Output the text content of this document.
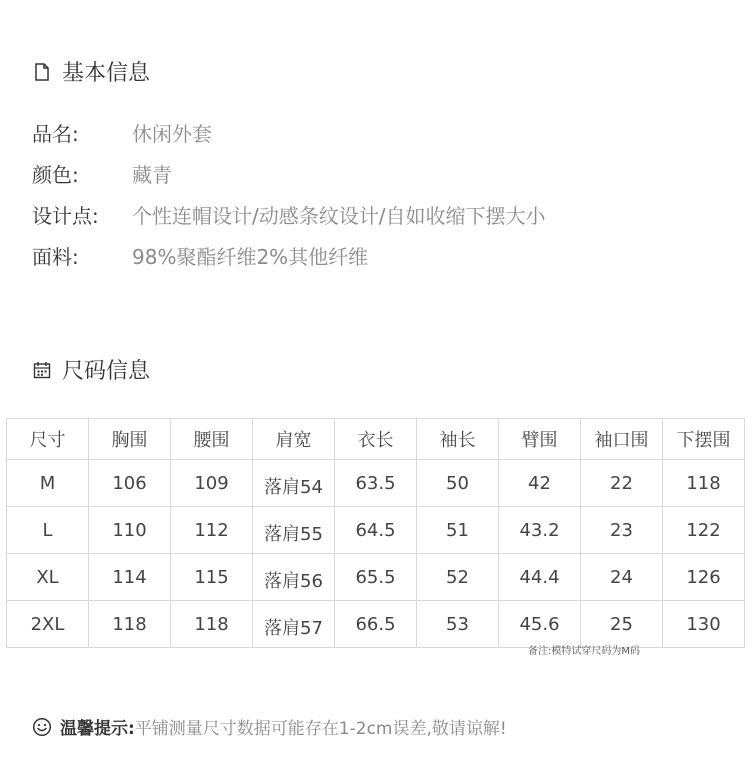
基本信息
品名:	休闲外套
颜色:	藏青
设计点:	个性连帽设计/动感条纹设计/自如收缩下摆大小
面料:	98%聚酯纤维2%其他纤维
尺码信息
尺寸	胸围	腰围	肩宽	衣长	袖长	臂围	袖口围	下摆围
M	106	109	落肩54	63.5	50	42	22	118
L	110	112	落肩55	64.5	51	43.2	23	122
XL	114	115	落肩56	65.5	52	44.4	24	126
2XL	118	118	落肩57	66.5	53	45.6	25	130
备注:模特试穿尺码为M码
温馨提示: 平铺测量尺寸数据可能存在1-2cm误差,敬请谅解!
